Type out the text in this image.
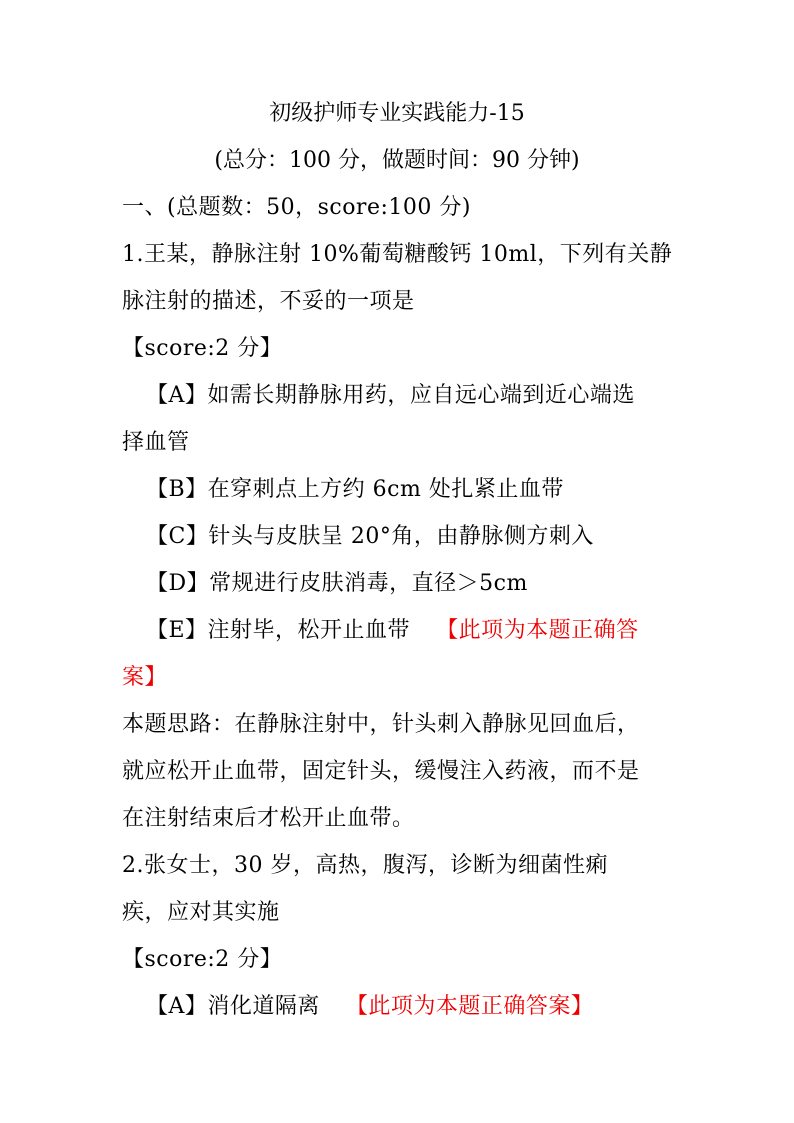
初级护师专业实践能力-15
(总分：100 分，做题时间：90 分钟)
一、(总题数：50，score:100 分)
1.王某，静脉注射 10%葡萄糖酸钙 10ml，下列有关静
脉注射的描述，不妥的一项是
【score:2 分】
【A】如需长期静脉用药，应自远心端到近心端选
择血管
【B】在穿刺点上方约 6cm 处扎紧止血带
【C】针头与皮肤呈 20°角，由静脉侧方刺入
【D】常规进行皮肤消毒，直径＞5cm
【E】注射毕，松开止血带 【此项为本题正确答
案】
本题思路：在静脉注射中，针头刺入静脉见回血后，
就应松开止血带，固定针头，缓慢注入药液，而不是
在注射结束后才松开止血带。
2.张女士，30 岁，高热，腹泻，诊断为细菌性痢
疾，应对其实施
【score:2 分】
【A】消化道隔离 【此项为本题正确答案】
